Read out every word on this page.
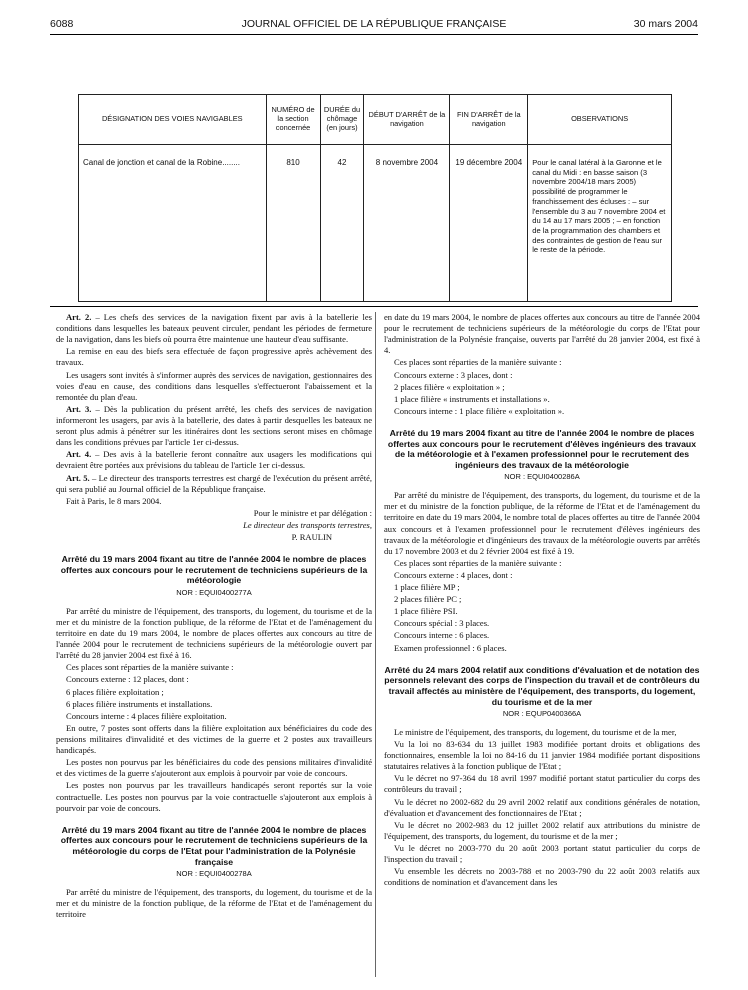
6088	JOURNAL OFFICIEL DE LA RÉPUBLIQUE FRANÇAISE	30 mars 2004
DÉSIGNATION DES VOIES NAVIGABLES	NUMÉRO de la section concernée	DURÉE du chômage (en jours)	DÉBUT D'ARRÊT de la navigation	FIN D'ARRÊT de la navigation	OBSERVATIONS
Canal de jonction et canal de la Robine........	810	42	8 novembre 2004	19 décembre 2004	Pour le canal latéral à la Garonne et le canal du Midi : en basse saison (3 novembre 2004/18 mars 2005) possibilité de programmer le franchissement des écluses : – sur l'ensemble du 3 au 7 novembre 2004 et du 14 au 17 mars 2005 ; – en fonction de la programmation des chambers et des contraintes de gestion de l'eau sur le reste de la période.

Art. 2. – Les chefs des services de la navigation fixent par avis à la batellerie les conditions dans lesquelles les bateaux peuvent circuler, pendant les périodes de fermeture de la navigation, dans les biefs où pourra être maintenue une hauteur d'eau suffisante.

La remise en eau des biefs sera effectuée de façon progressive après achèvement des travaux.

Les usagers sont invités à s'informer auprès des services de navigation, gestionnaires des voies d'eau en cause, des conditions dans lesquelles s'effectueront l'abaissement et la remontée du plan d'eau.

Art. 3. – Dès la publication du présent arrêté, les chefs des services de navigation informeront les usagers, par avis à la batellerie, des dates à partir desquelles les bateaux ne seront plus admis à pénétrer sur les itinéraires dont les sections seront mises en chômage dans les conditions prévues par l'article 1er ci-dessus.

Art. 4. – Des avis à la batellerie feront connaître aux usagers les modifications qui devraient être portées aux prévisions du tableau de l'article 1er ci-dessus.

Art. 5. – Le directeur des transports terrestres est chargé de l'exécution du présent arrêté, qui sera publié au Journal officiel de la République française.

Fait à Paris, le 8 mars 2004.

Pour le ministre et par délégation :

Le directeur des transports terrestres,

P. RAULIN

Arrêté du 19 mars 2004 fixant au titre de l'année 2004 le nombre de places offertes aux concours pour le recrutement de techniciens supérieurs de la météorologie
NOR : EQUI0400277A

Par arrêté du ministre de l'équipement, des transports, du logement, du tourisme et de la mer et du ministre de la fonction publique, de la réforme de l'Etat et de l'aménagement du territoire en date du 19 mars 2004, le nombre de places offertes aux concours au titre de l'année 2004 pour le recrutement de techniciens supérieurs de la météorologie ouvert par l'arrêté du 28 janvier 2004 est fixé à 16.

Ces places sont réparties de la manière suivante :

Concours externe : 12 places, dont :

6 places filière exploitation ;

6 places filière instruments et installations.

Concours interne : 4 places filière exploitation.

En outre, 7 postes sont offerts dans la filière exploitation aux bénéficiaires du code des pensions militaires d'invalidité et des victimes de la guerre et 2 postes aux travailleurs handicapés.

Les postes non pourvus par les bénéficiaires du code des pensions militaires d'invalidité et des victimes de la guerre s'ajouteront aux emplois à pourvoir par voie de concours.

Les postes non pourvus par les travailleurs handicapés seront reportés sur la voie contractuelle. Les postes non pourvus par la voie contractuelle s'ajouteront aux emplois à pourvoir par voie de concours.

Arrêté du 19 mars 2004 fixant au titre de l'année 2004 le nombre de places offertes aux concours pour le recrutement de techniciens supérieurs de la météorologie du corps de l'Etat pour l'administration de la Polynésie française
NOR : EQUI0400278A

Par arrêté du ministre de l'équipement, des transports, du logement, du tourisme et de la mer et du ministre de la fonction publique, de la réforme de l'Etat et de l'aménagement du territoire

en date du 19 mars 2004, le nombre de places offertes aux concours au titre de l'année 2004 pour le recrutement de techniciens supérieurs de la météorologie du corps de l'Etat pour l'administration de la Polynésie française, ouverts par l'arrêté du 28 janvier 2004, est fixé à 4.

Ces places sont réparties de la manière suivante :

Concours externe : 3 places, dont :

2 places filière « exploitation » ;

1 place filière « instruments et installations ».

Concours interne : 1 place filière « exploitation ».

Arrêté du 19 mars 2004 fixant au titre de l'année 2004 le nombre de places offertes aux concours pour le recrutement d'élèves ingénieurs des travaux de la météorologie et à l'examen professionnel pour le recrutement des ingénieurs des travaux de la météorologie
NOR : EQUI0400286A

Par arrêté du ministre de l'équipement, des transports, du logement, du tourisme et de la mer et du ministre de la fonction publique, de la réforme de l'Etat et de l'aménagement du territoire en date du 19 mars 2004, le nombre total de places offertes au titre de l'année 2004 aux concours et à l'examen professionnel pour le recrutement d'élèves ingénieurs des travaux de la météorologie et d'ingénieurs des travaux de la météorologie ouverts par arrêtés du 17 novembre 2003 et du 2 février 2004 est fixé à 19.

Ces places sont réparties de la manière suivante :

Concours externe : 4 places, dont :

1 place filière MP ;

2 places filière PC ;

1 place filière PSI.

Concours spécial : 3 places.

Concours interne : 6 places.

Examen professionnel : 6 places.

Arrêté du 24 mars 2004 relatif aux conditions d'évaluation et de notation des personnels relevant des corps de l'inspection du travail et de contrôleurs du travail affectés au ministère de l'équipement, des transports, du logement, du tourisme et de la mer
NOR : EQUP0400366A

Le ministre de l'équipement, des transports, du logement, du tourisme et de la mer,

Vu la loi no 83-634 du 13 juillet 1983 modifiée portant droits et obligations des fonctionnaires, ensemble la loi no 84-16 du 11 janvier 1984 modifiée portant dispositions statutaires relatives à la fonction publique de l'Etat ;

Vu le décret no 97-364 du 18 avril 1997 modifié portant statut particulier du corps des contrôleurs du travail ;

Vu le décret no 2002-682 du 29 avril 2002 relatif aux conditions générales de notation, d'évaluation et d'avancement des fonctionnaires de l'Etat ;

Vu le décret no 2002-983 du 12 juillet 2002 relatif aux attributions du ministre de l'équipement, des transports, du logement, du tourisme et de la mer ;

Vu le décret no 2003-770 du 20 août 2003 portant statut particulier du corps de l'inspection du travail ;

Vu ensemble les décrets no 2003-788 et no 2003-790 du 22 août 2003 relatifs aux conditions de nomination et d'avancement dans les
